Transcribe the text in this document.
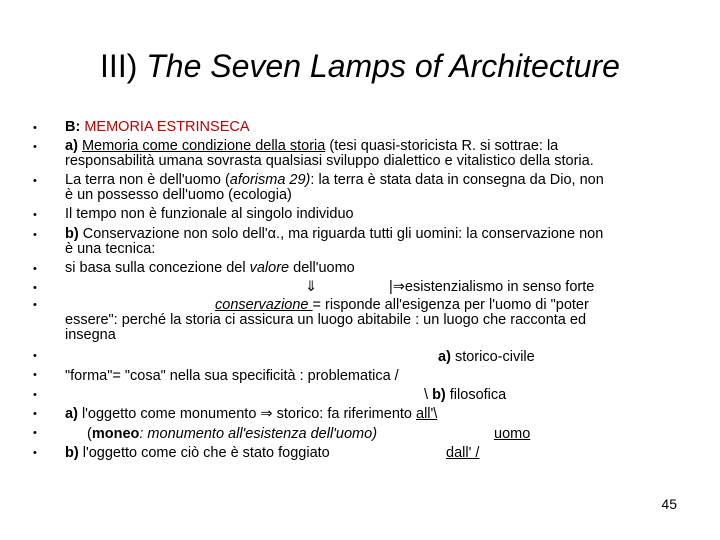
III) The Seven Lamps of Architecture
•
•
•
•
•
•
•
•
•
•
•
•
•
•
B: MEMORIA ESTRINSECA
a) Memoria come condizione della storia (tesi quasi-storicista R. si sottrae: la
responsabilità umana sovrasta qualsiasi sviluppo dialettico e vitalistico della storia.
La terra non è dell'uomo (aforisma 29): la terra è stata data in consegna da Dio, non
è un possesso dell'uomo (ecologia)
Il tempo non è funzionale al singolo individuo
b) Conservazione non solo dell'α., ma riguarda tutti gli uomini: la conservazione non
è una tecnica:
si basa sulla concezione del valore dell'uomo
⇓	|⇒esistenzialismo in senso forte
conservazione = risponde all'esigenza per l'uomo di "poter
essere": perché la storia ci assicura un luogo abitabile : un luogo che racconta ed
insegna
a) storico-civile
"forma"= "cosa" nella sua specificità : problematica /
\ b) filosofica
a) l'oggetto come monumento ⇒ storico: fa riferimento all'\
(moneo: monumento all'esistenza dell'uomo)	uomo
b) l'oggetto come ciò che è stato foggiato	dall' /
45
